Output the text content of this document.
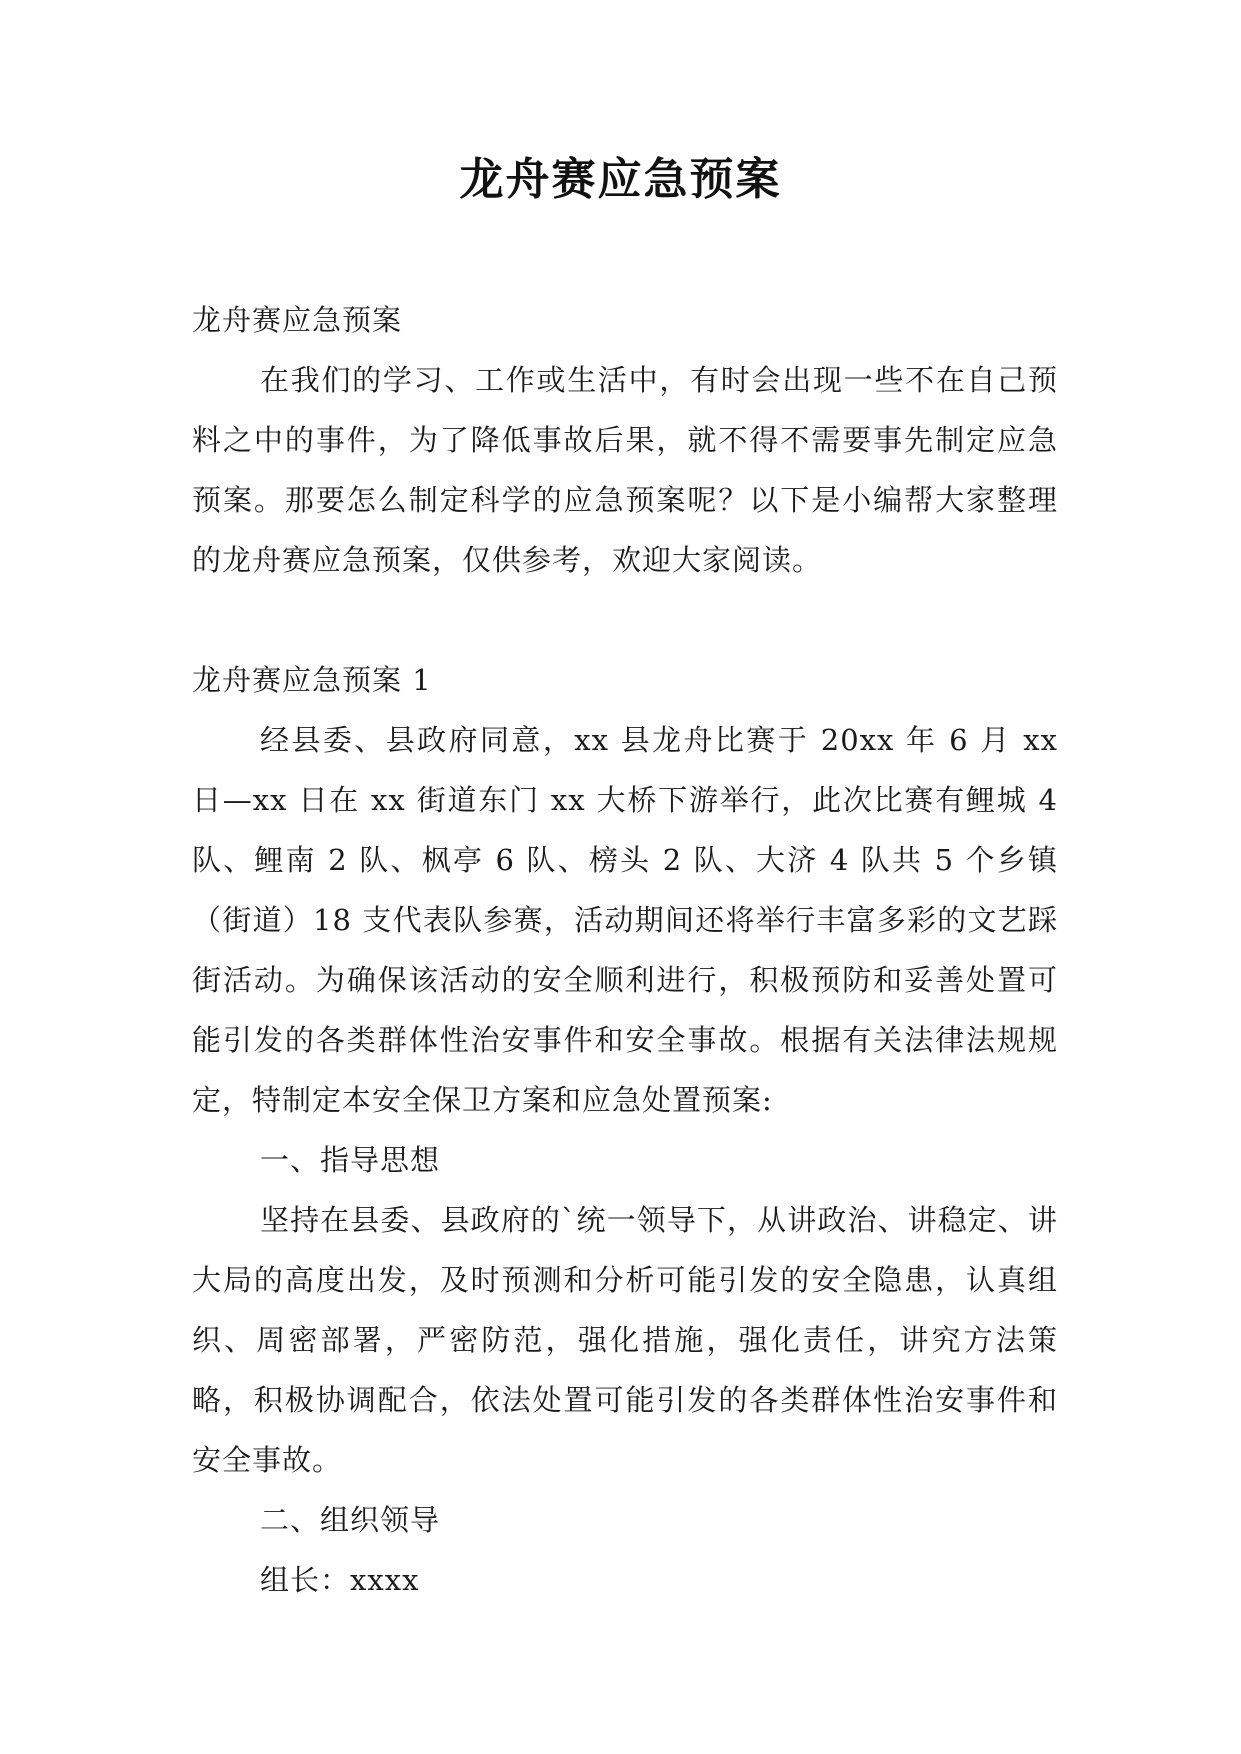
龙舟赛应急预案

龙舟赛应急预案

在我们的学习、工作或生活中，有时会出现一些不在自己预料之中的事件，为了降低事故后果，就不得不需要事先制定应急预案。那要怎么制定科学的应急预案呢？以下是小编帮大家整理的龙舟赛应急预案，仅供参考，欢迎大家阅读。

龙舟赛应急预案 1

经县委、县政府同意，xx 县龙舟比赛于 20xx 年 6 月 xx 日—xx 日在 xx 街道东门 xx 大桥下游举行，此次比赛有鲤城 4 队、鲤南 2 队、枫亭 6 队、榜头 2 队、大济 4 队共 5 个乡镇（街道）18 支代表队参赛，活动期间还将举行丰富多彩的文艺踩街活动。为确保该活动的安全顺利进行，积极预防和妥善处置可能引发的各类群体性治安事件和安全事故。根据有关法律法规规定，特制定本安全保卫方案和应急处置预案:

一、指导思想

坚持在县委、县政府的`统一领导下，从讲政治、讲稳定、讲大局的高度出发，及时预测和分析可能引发的安全隐患，认真组织、周密部署，严密防范，强化措施，强化责任，讲究方法策略，积极协调配合，依法处置可能引发的各类群体性治安事件和安全事故。

二、组织领导

组长：xxxx
